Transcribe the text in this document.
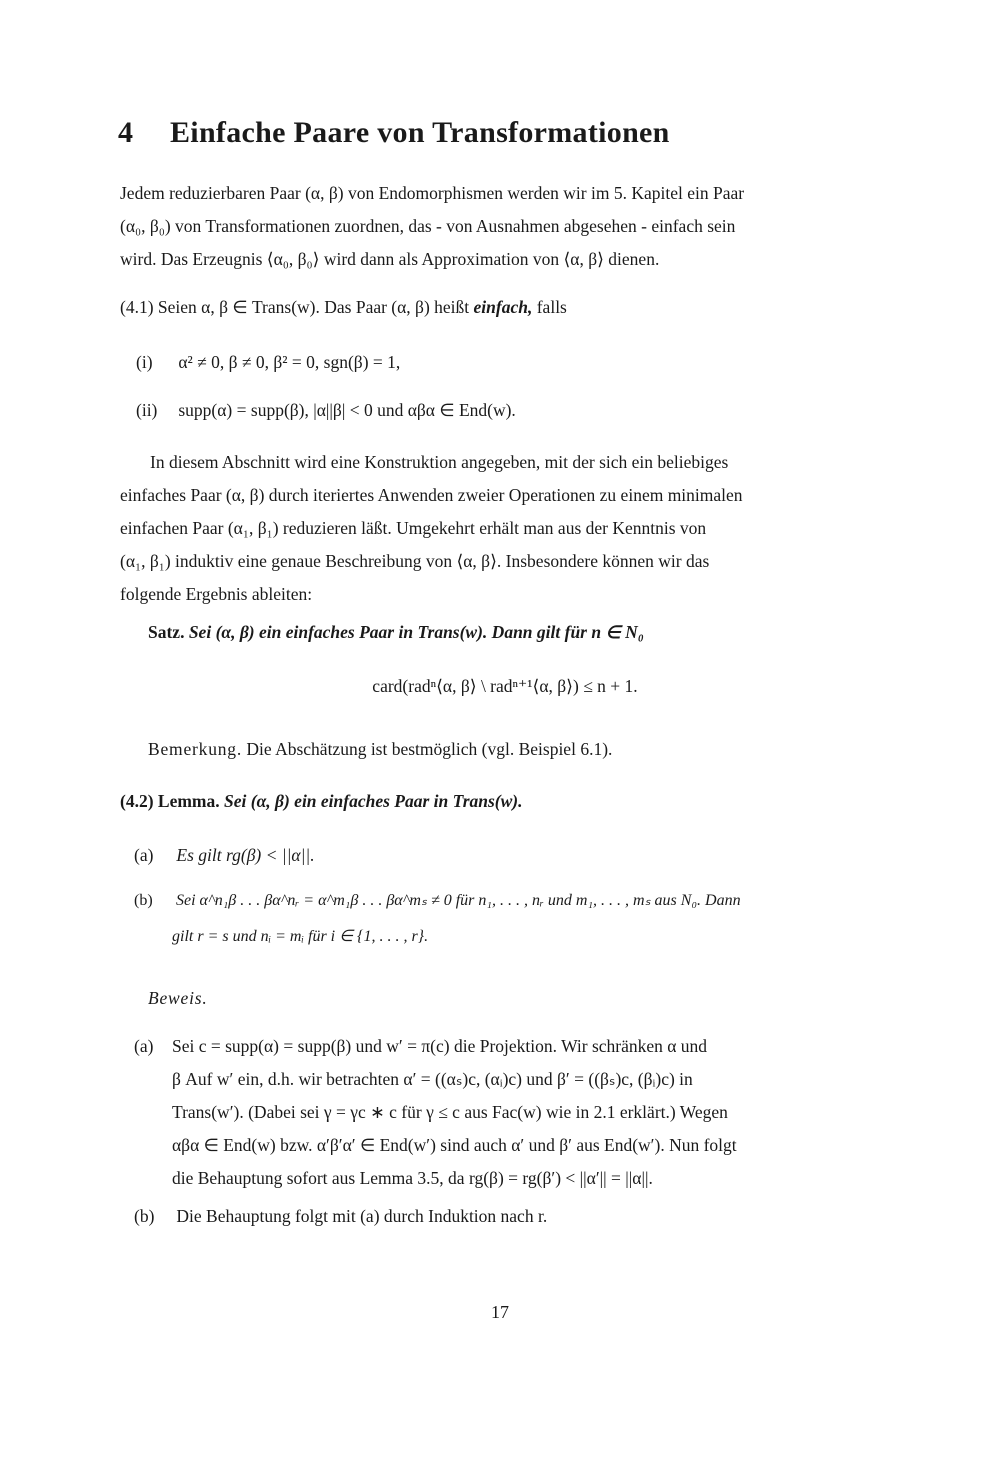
4 Einfache Paare von Transformationen

Jedem reduzierbaren Paar (α, β) von Endomorphismen werden wir im 5. Kapitel ein Paar

(α₀, β₀) von Transformationen zuordnen, das - von Ausnahmen abgesehen - einfach sein

wird. Das Erzeugnis ⟨α₀, β₀⟩ wird dann als Approximation von ⟨α, β⟩ dienen.

(4.1) Seien α, β ∈ Trans(w). Das Paar (α, β) heißt einfach, falls
(i) α² ≠ 0, β ≠ 0, β² = 0, sgn(β) = 1,
(ii) supp(α) = supp(β), |α||β| < 0 und αβα ∈ End(w).

In diesem Abschnitt wird eine Konstruktion angegeben, mit der sich ein beliebiges

einfaches Paar (α, β) durch iteriertes Anwenden zweier Operationen zu einem minimalen

einfachen Paar (α₁, β₁) reduzieren läßt. Umgekehrt erhält man aus der Kenntnis von

(α₁, β₁) induktiv eine genaue Beschreibung von ⟨α, β⟩. Insbesondere können wir das

folgende Ergebnis ableiten:

Satz. Sei (α, β) ein einfaches Paar in Trans(w). Dann gilt für n ∈ N₀
card(radⁿ⟨α, β⟩ \ radⁿ⁺¹⟨α, β⟩) ≤ n + 1.
Bemerkung. Die Abschätzung ist bestmöglich (vgl. Beispiel 6.1).
(4.2) Lemma. Sei (α, β) ein einfaches Paar in Trans(w).
(a) Es gilt rg(β) < ||α||.
(b) Sei α^n₁β . . . βα^nᵣ = α^m₁β . . . βα^mₛ ≠ 0 für n₁, . . . , nᵣ und m₁, . . . , mₛ aus N₀. Dann
gilt r = s und nᵢ = mᵢ für i ∈ {1, . . . , r}.
Beweis.

(a) Sei c = supp(α) = supp(β) und w′ = π(c) die Projektion. Wir schränken α und

β Auf w′ ein, d.h. wir betrachten α′ = ((αₛ)c, (αᵢ)c) und β′ = ((βₛ)c, (βᵢ)c) in

Trans(w′). (Dabei sei γ = γc ∗ c für γ ≤ c aus Fac(w) wie in 2.1 erklärt.) Wegen

αβα ∈ End(w) bzw. α′β′α′ ∈ End(w′) sind auch α′ und β′ aus End(w′). Nun folgt

die Behauptung sofort aus Lemma 3.5, da rg(β) = rg(β′) < ||α′|| = ||α||.

(b) Die Behauptung folgt mit (a) durch Induktion nach r.
17
